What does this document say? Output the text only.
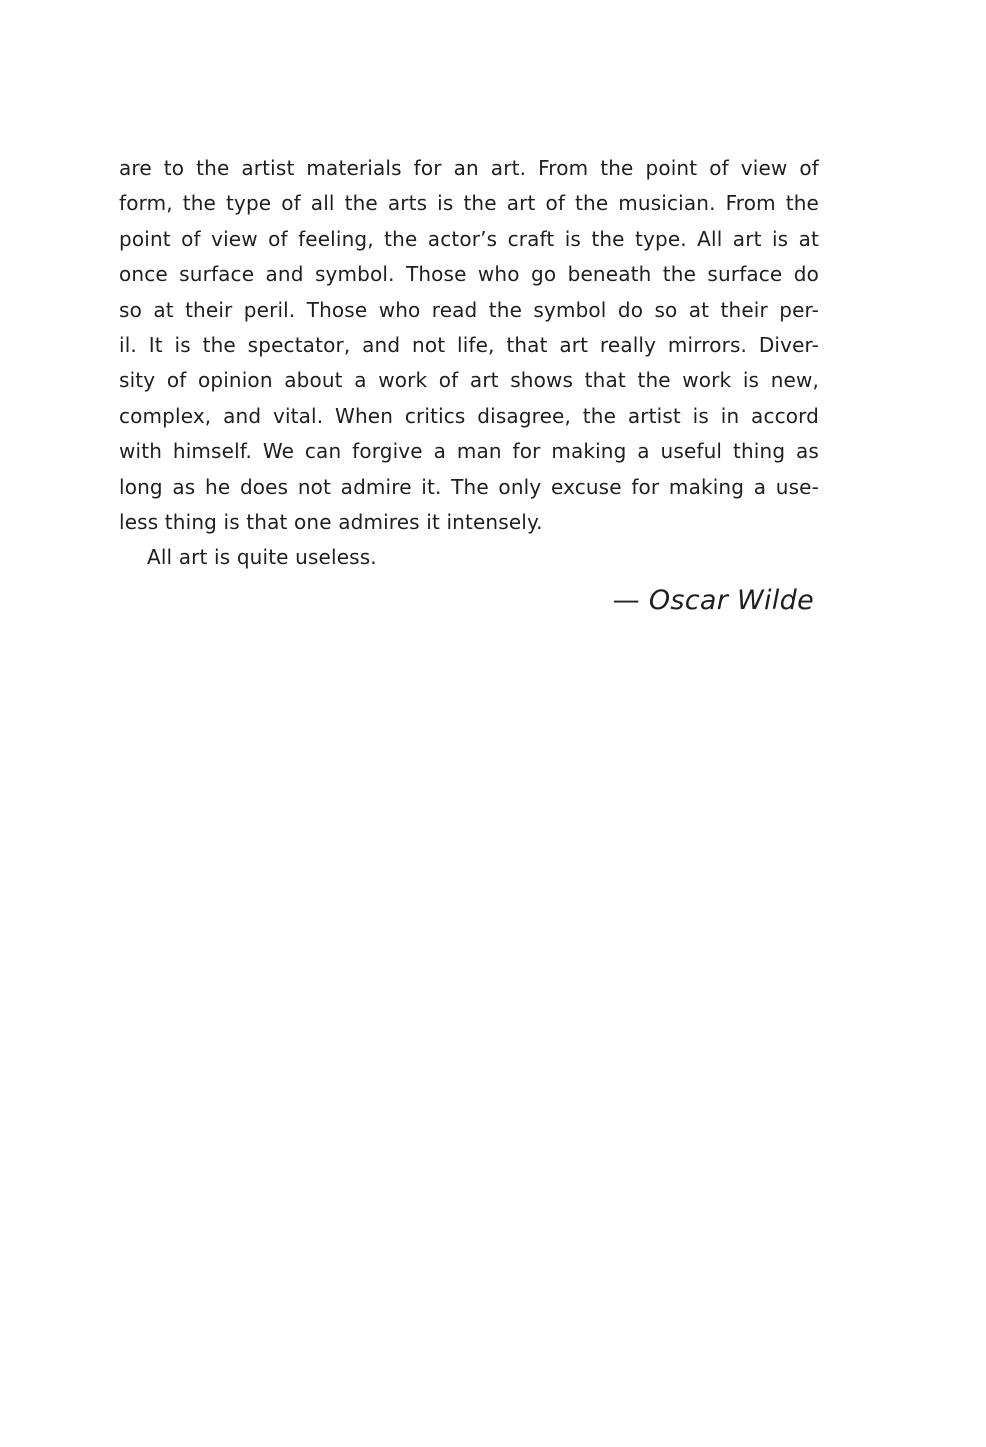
are to the artist materials for an art. From the point of view of
form, the type of all the arts is the art of the musician. From the
point of view of feeling, the actor’s craft is the type. All art is at
once surface and symbol. Those who go beneath the surface do
so at their peril. Those who read the symbol do so at their per-
il. It is the spectator, and not life, that art really mirrors. Diver-
sity of opinion about a work of art shows that the work is new,
complex, and vital. When critics disagree, the artist is in accord
with himself. We can forgive a man for making a useful thing as
long as he does not admire it. The only excuse for making a use-
less thing is that one admires it intensely.
All art is quite useless.
— Oscar Wilde
